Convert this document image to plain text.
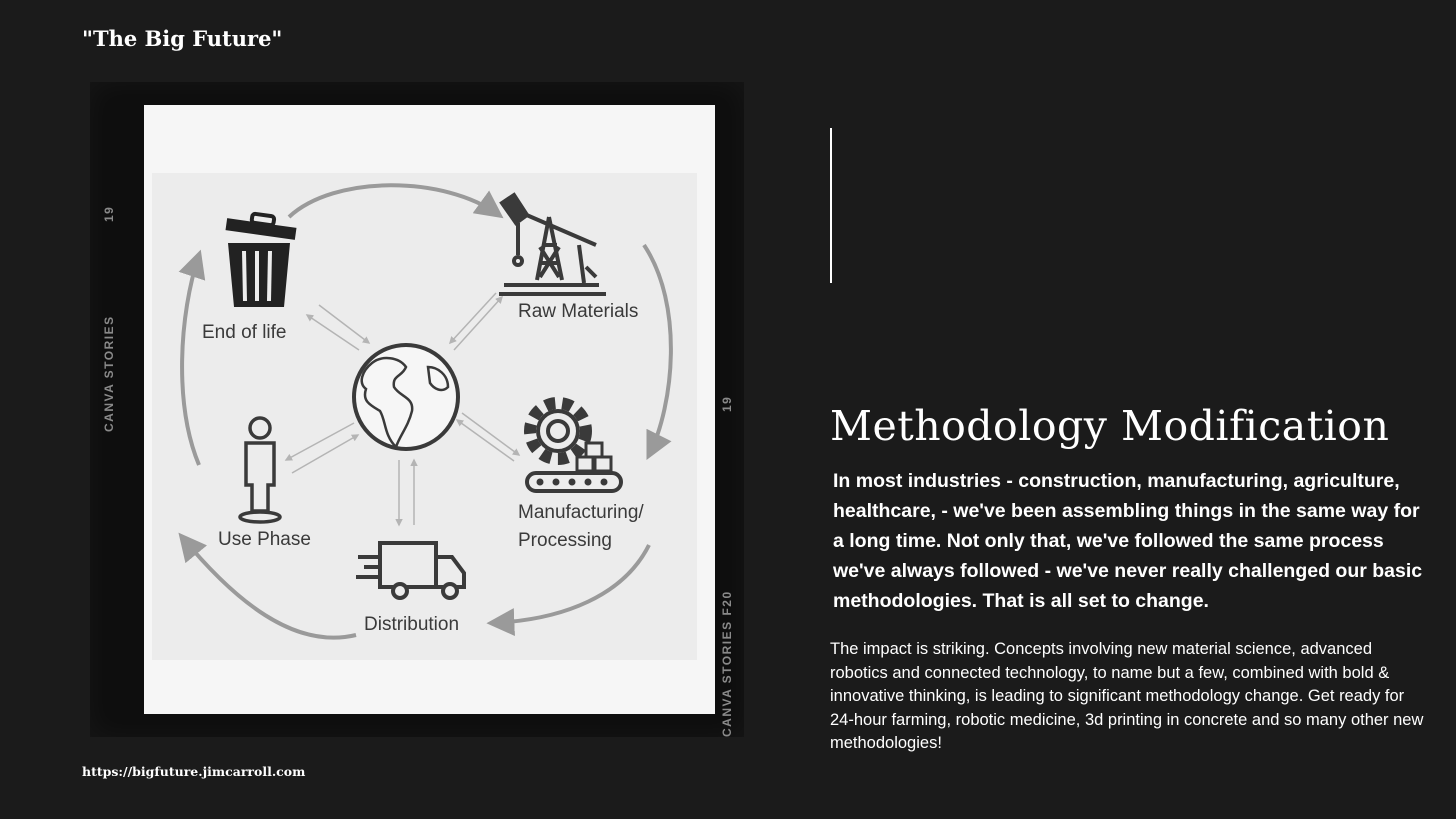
"The Big Future"
19
CANVA STORIES	19
CANVA STORIES F20
End of life
Raw Materials
Use Phase
Manufacturing/
Processing
Distribution
Methodology Modification

In most industries - construction, manufacturing, agriculture, healthcare, - we've been assembling things in the same way for a long time. Not only that, we've followed the same process we've always followed - we've never really challenged our basic methodologies. That is all set to change.

The impact is striking. Concepts involving new material science, advanced robotics and connected technology, to name but a few, combined with bold & innovative thinking, is leading to significant methodology change. Get ready for 24-hour farming, robotic medicine, 3d printing in concrete and so many other new methodologies!

https://bigfuture.jimcarroll.com
